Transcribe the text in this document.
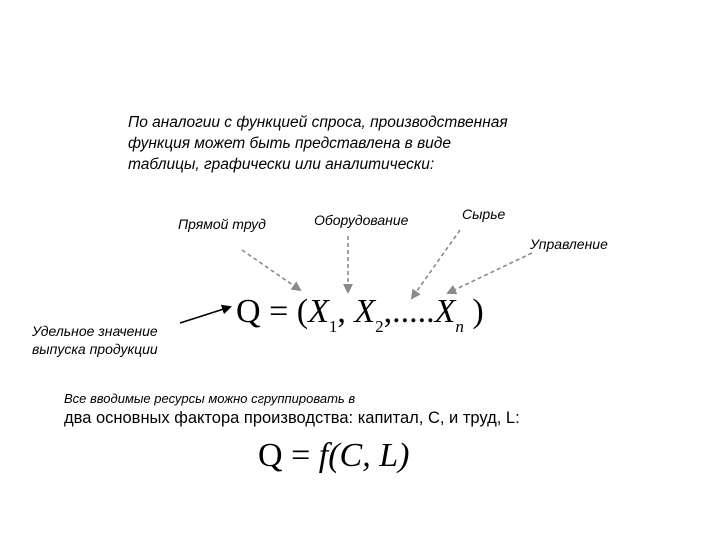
По аналогии с функцией спроса, производственная
функция может быть представлена в виде
таблицы, графически или аналитически:
Прямой труд	Оборудование	Сырье
Управление
$Q = (X_1$, $X_2,.....X_n$ )
Удельное значение
выпуска продукции
Все вводимые ресурсы можно сгруппировать в
два основных фактора производства: капитал, С, и труд, L:
Q = f(C, L)
